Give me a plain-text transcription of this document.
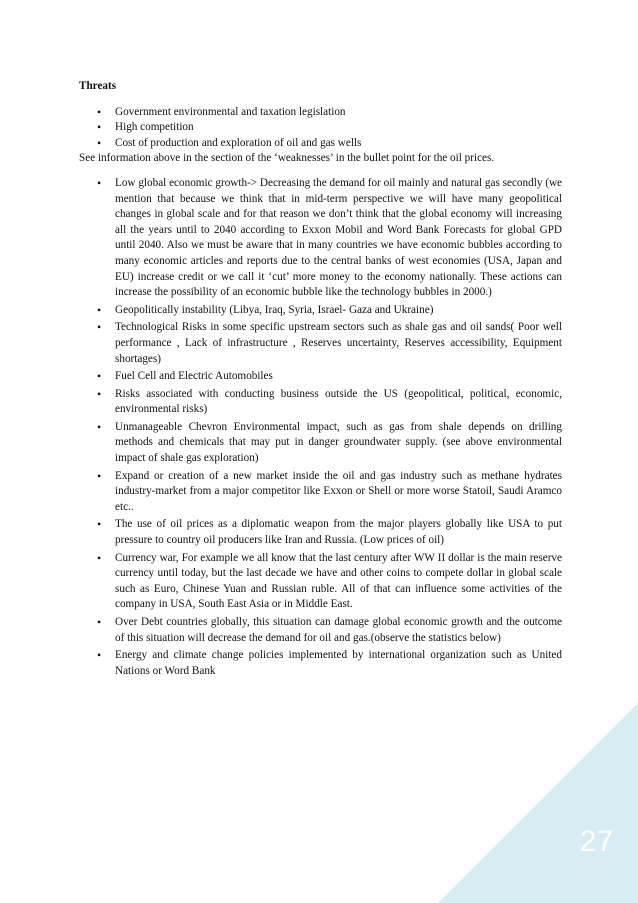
27
Threats
• Government environmental and taxation legislation
• High competition
• Cost of production and exploration of oil and gas wells

See information above in the section of the ‘weaknesses’ in the bullet point for the oil prices.

• Low global economic growth-> Decreasing the demand for oil mainly and natural gas secondly (we mention that because we think that in mid-term perspective we will have many geopolitical changes in global scale and for that reason we don’t think that the global economy will increasing all the years until to 2040 according to Exxon Mobil and Word Bank Forecasts for global GPD until 2040. Also we must be aware that in many countries we have economic bubbles according to many economic articles and reports due to the central banks of west economies (USA, Japan and EU) increase credit or we call it ‘cut’ more money to the economy nationally. These actions can increase the possibility of an economic bubble like the technology bubbles in 2000.)
• Geopolitically instability (Libya, Iraq, Syria, Israel- Gaza and Ukraine)
• Technological Risks in some specific upstream sectors such as shale gas and oil sands( Poor well performance , Lack of infrastructure , Reserves uncertainty, Reserves accessibility, Equipment shortages)
• Fuel Cell and Electric Automobiles
• Risks associated with conducting business outside the US (geopolitical, political, economic, environmental risks)
• Unmanageable Chevron Environmental impact, such as gas from shale depends on drilling methods and chemicals that may put in danger groundwater supply. (see above environmental impact of shale gas exploration)
• Expand or creation of a new market inside the oil and gas industry such as methane hydrates industry-market from a major competitor like Exxon or Shell or more worse Statoil, Saudi Aramco etc..
• The use of oil prices as a diplomatic weapon from the major players globally like USA to put pressure to country oil producers like Iran and Russia. (Low prices of oil)
• Currency war, For example we all know that the last century after WW II dollar is the main reserve currency until today, but the last decade we have and other coins to compete dollar in global scale such as Euro, Chinese Yuan and Russian ruble. All of that can influence some activities of the company in USA, South East Asia or in Middle East.
• Over Debt countries globally, this situation can damage global economic growth and the outcome of this situation will decrease the demand for oil and gas.(observe the statistics below)
• Energy and climate change policies implemented by international organization such as United Nations or Word Bank
